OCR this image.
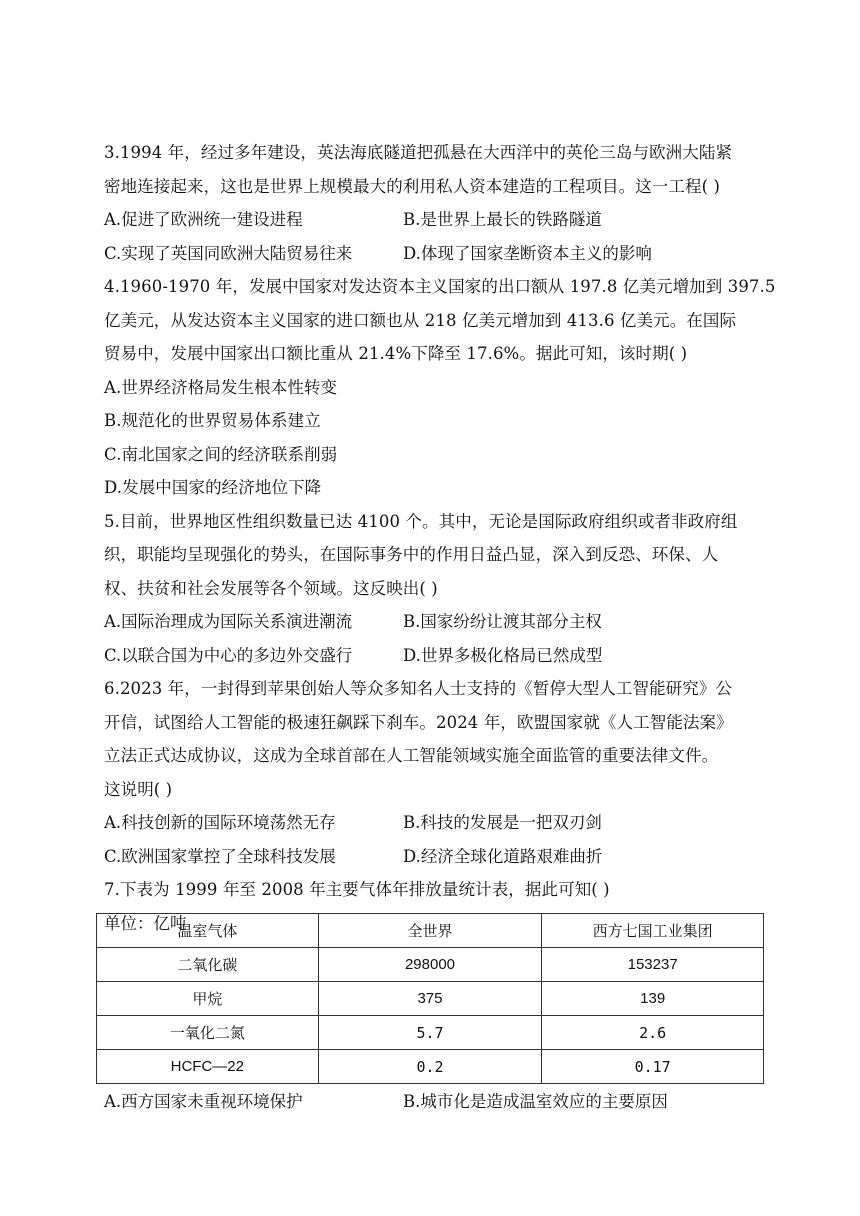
3.1994 年，经过多年建设，英法海底隧道把孤悬在大西洋中的英伦三岛与欧洲大陆紧
密地连接起来，这也是世界上规模最大的利用私人资本建造的工程项目。这一工程( )
A.促进了欧洲统一建设进程	B.是世界上最长的铁路隧道
C.实现了英国同欧洲大陆贸易往来	D.体现了国家垄断资本主义的影响
4.1960-1970 年，发展中国家对发达资本主义国家的出口额从 197.8 亿美元增加到 397.5
亿美元，从发达资本主义国家的进口额也从 218 亿美元增加到 413.6 亿美元。在国际
贸易中，发展中国家出口额比重从 21.4%下降至 17.6%。据此可知，该时期( )
A.世界经济格局发生根本性转变
B.规范化的世界贸易体系建立
C.南北国家之间的经济联系削弱
D.发展中国家的经济地位下降
5.目前，世界地区性组织数量已达 4100 个。其中，无论是国际政府组织或者非政府组
织，职能均呈现强化的势头，在国际事务中的作用日益凸显，深入到反恐、环保、人
权、扶贫和社会发展等各个领域。这反映出( )
A.国际治理成为国际关系演进潮流	B.国家纷纷让渡其部分主权
C.以联合国为中心的多边外交盛行	D.世界多极化格局已然成型
6.2023 年，一封得到苹果创始人等众多知名人士支持的《暂停大型人工智能研究》公
开信，试图给人工智能的极速狂飙踩下刹车。2024 年，欧盟国家就《人工智能法案》
立法正式达成协议，这成为全球首部在人工智能领域实施全面监管的重要法律文件。
这说明( )
A.科技创新的国际环境荡然无存	B.科技的发展是一把双刃剑
C.欧洲国家掌控了全球科技发展	D.经济全球化道路艰难曲折
7.下表为 1999 年至 2008 年主要气体年排放量统计表，据此可知( )
单位：亿吨
温室气体	全世界	西方七国工业集团
二氧化碳	298000	153237
甲烷	375	139
一氧化二氮	5.7	2.6
HCFC—22	0.2	0.17
A.西方国家未重视环境保护	B.城市化是造成温室效应的主要原因
